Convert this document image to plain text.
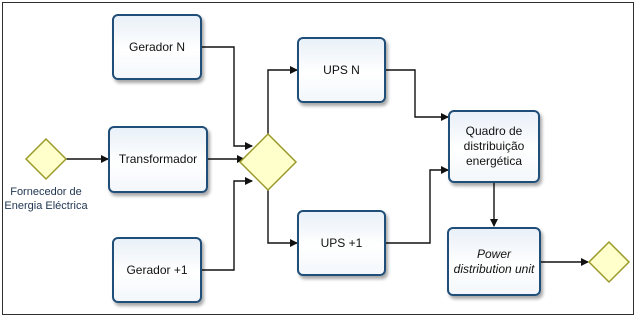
Fornecedor de Energia Eléctrica
Gerador N
Transformador
Gerador +1
UPS N
UPS +1
Quadro de distribuição energética
Power distribution unit
